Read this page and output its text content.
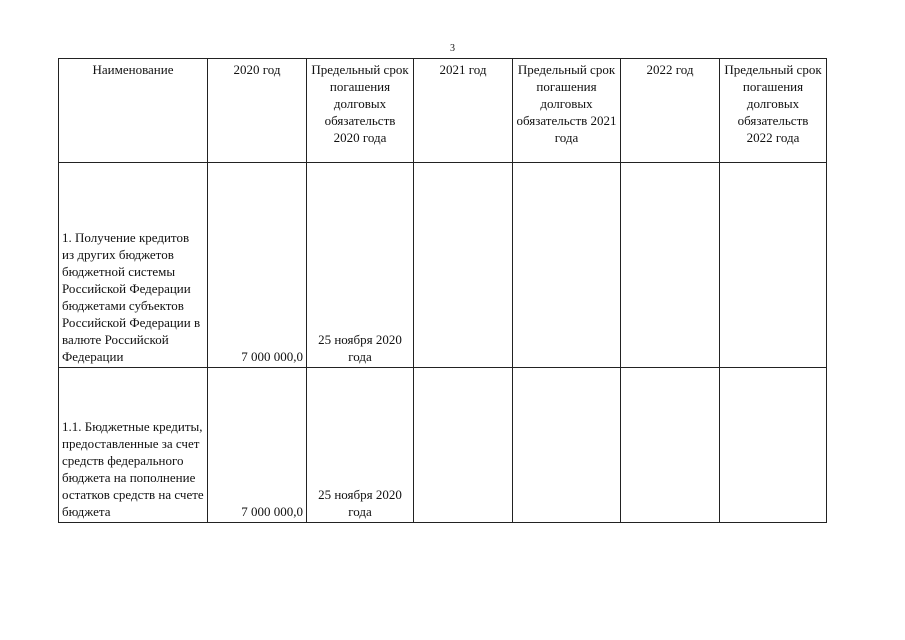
3
Наименование	2020 год	Предельный срок погашения долговых обязательств 2020 года	2021 год	Предельный срок погашения долговых обязательств 2021 года	2022 год	Предельный срок погашения долговых обязательств 2022 года
1. Получение кредитов из других бюджетов бюджетной системы Российской Федерации бюджетами субъектов Российской Федерации в валюте Российской Федерации	7 000 000,0	25 ноября 2020 года				
1.1. Бюджетные кредиты, предоставленные за счет средств федерального бюджета на пополнение остатков средств на счете бюджета	7 000 000,0	25 ноября 2020 года				
